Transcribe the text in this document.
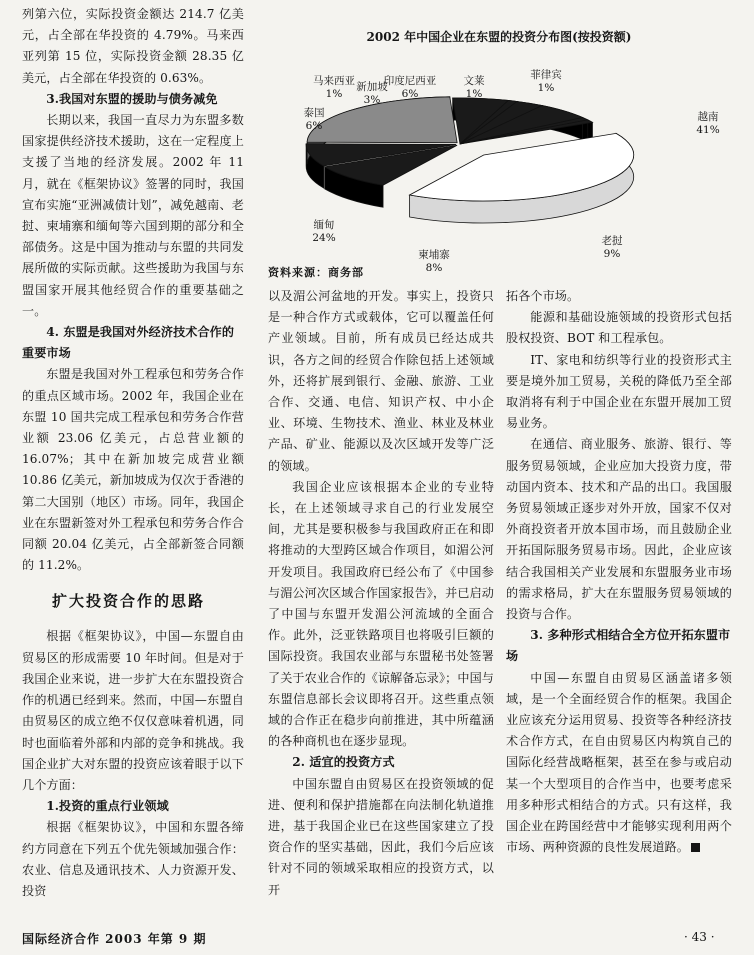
列第六位，实际投资金额达 214.7 亿美元，占全部在华投资的 4.79%。马来西亚列第 15 位，实际投资金额 28.35 亿美元，占全部在华投资的 0.63%。

3.我国对东盟的援助与债务减免

长期以来，我国一直尽力为东盟多数国家提供经济技术援助，这在一定程度上支援了当地的经济发展。2002 年 11 月，就在《框架协议》签署的同时，我国宣布实施“亚洲减债计划”，减免越南、老挝、柬埔寨和缅甸等六国到期的部分和全部债务。这是中国为推动与东盟的共同发展所做的实际贡献。这些援助为我国与东盟国家开展其他经贸合作的重要基础之一。

4. 东盟是我国对外经济技术合作的重要市场

东盟是我国对外工程承包和劳务合作的重点区域市场。2002 年，我国企业在东盟 10 国共完成工程承包和劳务合作营业额 23.06 亿美元，占总营业额的 16.07%；其中在新加坡完成营业额 10.86 亿美元，新加坡成为仅次于香港的第二大国别（地区）市场。同年，我国企业在东盟新签对外工程承包和劳务合作合同额 20.04 亿美元，占全部新签合同额的 11.2%。

扩大投资合作的思路

根据《框架协议》，中国—东盟自由贸易区的形成需要 10 年时间。但是对于我国企业来说，进一步扩大在东盟投资合作的机遇已经到来。然而，中国—东盟自由贸易区的成立绝不仅仅意味着机遇，同时也面临着外部和内部的竞争和挑战。我国企业扩大对东盟的投资应该着眼于以下几个方面：

1.投资的重点行业领域

根据《框架协议》，中国和东盟各缔约方同意在下列五个优先领域加强合作：农业、信息及通讯技术、人力资源开发、投资

2002 年中国企业在东盟的投资分布图(按投资额)
越南
41%
老挝
9%
柬埔寨
8%
缅甸
24%
泰国
6%
马来西亚
1%
新加坡
3%
印度尼西亚
6%
文莱
1%
菲律宾
1%
资料来源：商务部

以及湄公河盆地的开发。事实上，投资只是一种合作方式或载体，它可以覆盖任何产业领域。目前，所有成员已经达成共识，各方之间的经贸合作除包括上述领域外，还将扩展到银行、金融、旅游、工业合作、交通、电信、知识产权、中小企业、环境、生物技术、渔业、林业及林业产品、矿业、能源以及次区域开发等广泛的领域。

我国企业应该根据本企业的专业特长，在上述领域寻求自己的行业发展空间，尤其是要积极参与我国政府正在和即将推动的大型跨区域合作项目，如湄公河开发项目。我国政府已经公布了《中国参与湄公河次区域合作国家报告》，并已启动了中国与东盟开发湄公河流域的全面合作。此外，泛亚铁路项目也将吸引巨额的国际投资。我国农业部与东盟秘书处签署了关于农业合作的《谅解备忘录》；中国与东盟信息部长会议即将召开。这些重点领域的合作正在稳步向前推进，其中所蕴涵的各种商机也在逐步显现。

2. 适宜的投资方式

中国东盟自由贸易区在投资领域的促进、便利和保护措施都在向法制化轨道推进，基于我国企业已在这些国家建立了投资合作的坚实基础，因此，我们今后应该针对不同的领域采取相应的投资方式，以开

拓各个市场。

能源和基础设施领域的投资形式包括股权投资、BOT 和工程承包。

IT、家电和纺织等行业的投资形式主要是境外加工贸易，关税的降低乃至全部取消将有利于中国企业在东盟开展加工贸易业务。

在通信、商业服务、旅游、银行、等服务贸易领域，企业应加大投资力度，带动国内资本、技术和产品的出口。我国服务贸易领域正逐步对外开放，国家不仅对外商投资者开放本国市场，而且鼓励企业开拓国际服务贸易市场。因此，企业应该结合我国相关产业发展和东盟服务业市场的需求格局，扩大在东盟服务贸易领域的投资与合作。

3. 多种形式相结合全方位开拓东盟市场

中国—东盟自由贸易区涵盖诸多领域，是一个全面经贸合作的框架。我国企业应该充分运用贸易、投资等各种经济技术合作方式，在自由贸易区内构筑自己的国际化经营战略框架，甚至在参与或启动某一个大型项目的合作当中，也要考虑采用多种形式相结合的方式。只有这样，我国企业在跨国经营中才能够实现利用两个市场、两种资源的良性发展道路。

国际经济合作 2003 年第 9 期	· 43 ·
